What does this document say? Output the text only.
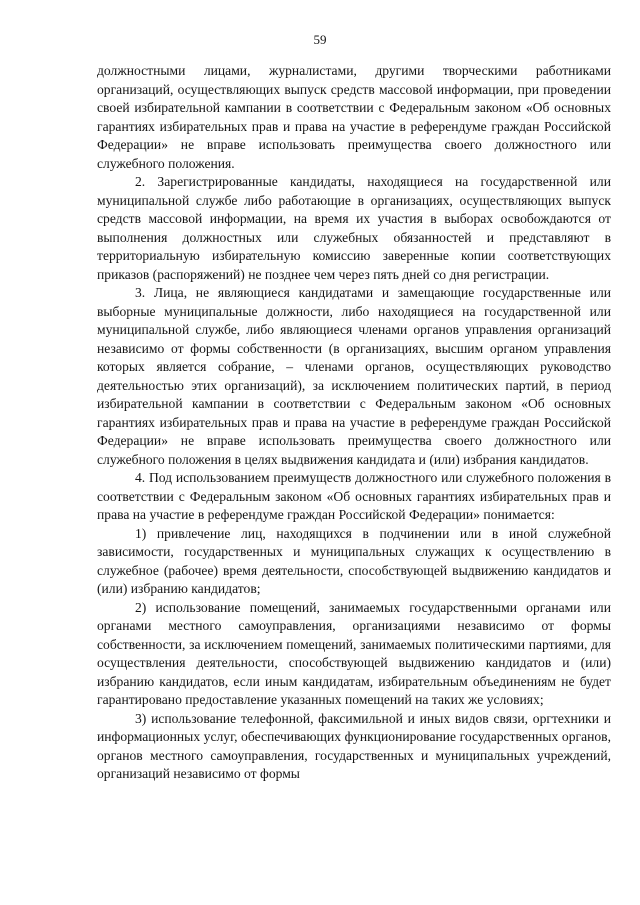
59

должностными лицами, журналистами, другими творческими работниками организаций, осуществляющих выпуск средств массовой информации, при проведении своей избирательной кампании в соответствии с Федеральным законом «Об основных гарантиях избирательных прав и права на участие в референдуме граждан Российской Федерации» не вправе использовать преимущества своего должностного или служебного положения.

2. Зарегистрированные кандидаты, находящиеся на государственной или муниципальной службе либо работающие в организациях, осуществляющих выпуск средств массовой информации, на время их участия в выборах освобождаются от выполнения должностных или служебных обязанностей и представляют в территориальную избирательную комиссию заверенные копии соответствующих приказов (распоряжений) не позднее чем через пять дней со дня регистрации.

3. Лица, не являющиеся кандидатами и замещающие государственные или выборные муниципальные должности, либо находящиеся на государственной или муниципальной службе, либо являющиеся членами органов управления организаций независимо от формы собственности (в организациях, высшим органом управления которых является собрание, – членами органов, осуществляющих руководство деятельностью этих организаций), за исключением политических партий, в период избирательной кампании в соответствии с Федеральным законом «Об основных гарантиях избирательных прав и права на участие в референдуме граждан Российской Федерации» не вправе использовать преимущества своего должностного или служебного положения в целях выдвижения кандидата и (или) избрания кандидатов.

4. Под использованием преимуществ должностного или служебного положения в соответствии с Федеральным законом «Об основных гарантиях избирательных прав и права на участие в референдуме граждан Российской Федерации» понимается:

1) привлечение лиц, находящихся в подчинении или в иной служебной зависимости, государственных и муниципальных служащих к осуществлению в служебное (рабочее) время деятельности, способствующей выдвижению кандидатов и (или) избранию кандидатов;

2) использование помещений, занимаемых государственными органами или органами местного самоуправления, организациями независимо от формы собственности, за исключением помещений, занимаемых политическими партиями, для осуществления деятельности, способствующей выдвижению кандидатов и (или) избранию кандидатов, если иным кандидатам, избирательным объединениям не будет гарантировано предоставление указанных помещений на таких же условиях;

3) использование телефонной, факсимильной и иных видов связи, оргтехники и информационных услуг, обеспечивающих функционирование государственных органов, органов местного самоуправления, государственных и муниципальных учреждений, организаций независимо от формы
